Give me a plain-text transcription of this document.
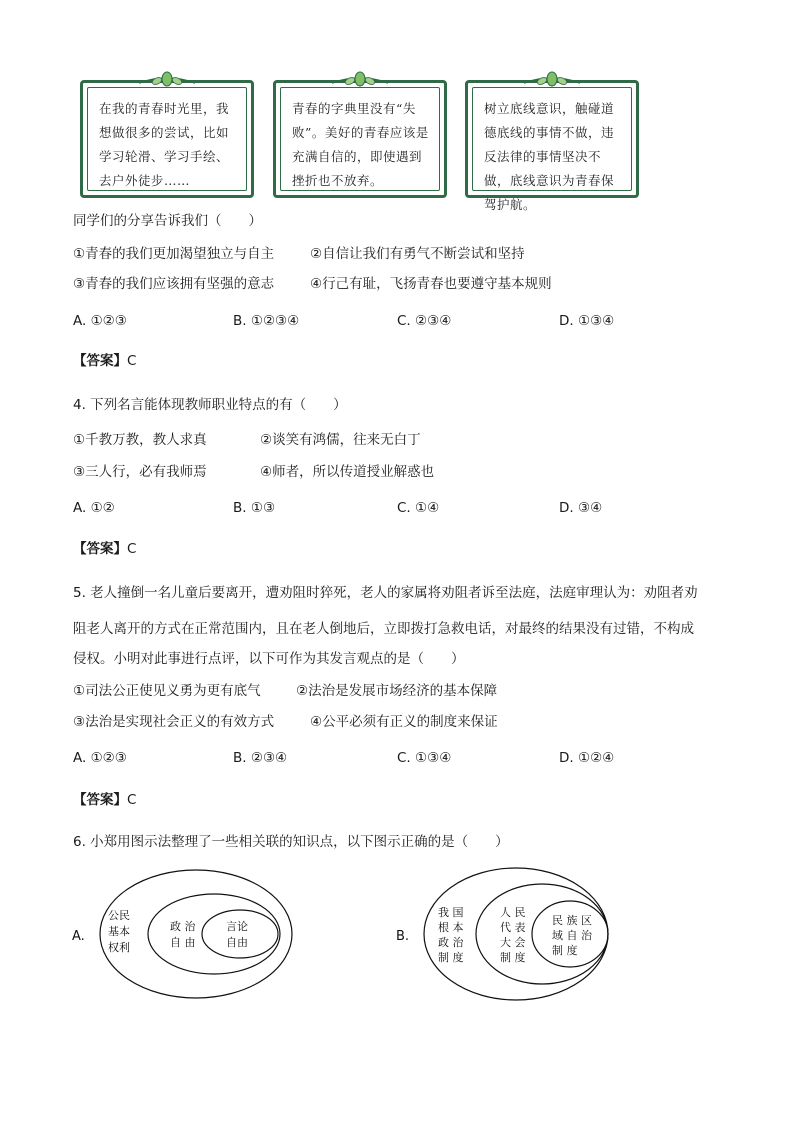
在我的青春时光里，我想做很多的尝试，比如学习轮滑、学习手绘、去户外徒步……
青春的字典里没有“失败”。美好的青春应该是充满自信的，即使遇到挫折也不放弃。
树立底线意识，触碰道德底线的事情不做，违反法律的事情坚决不做，底线意识为青春保驾护航。
同学们的分享告诉我们（　　）
①青春的我们更加渴望独立与自主	②自信让我们有勇气不断尝试和坚持
③青春的我们应该拥有坚强的意志	④行己有耻，飞扬青春也要遵守基本规则
A. ①②③	B. ①②③④	C. ②③④	D. ①③④
【答案】C
4. 下列名言能体现教师职业特点的有（　　）
①千教万教，教人求真	②谈笑有鸿儒，往来无白丁
③三人行，必有我师焉	④师者，所以传道授业解惑也
A. ①②	B. ①③	C. ①④	D. ③④
【答案】C
5. 老人撞倒一名儿童后要离开，遭劝阻时猝死，老人的家属将劝阻者诉至法庭，法庭审理认为：劝阻者劝
阻老人离开的方式在正常范围内，且在老人倒地后，立即拨打急救电话，对最终的结果没有过错，不构成
侵权。小明对此事进行点评，以下可作为其发言观点的是（　　）
①司法公正使见义勇为更有底气	②法治是发展市场经济的基本保障
③法治是实现社会正义的有效方式	④公平必须有正义的制度来保证
A. ①②③	B. ②③④	C. ①③④	D. ①②④
【答案】C
6. 小郑用图示法整理了一些相关联的知识点，以下图示正确的是（　　）
A.
公民
基本
权利
政 治
自 由
言论
自由	B.
我 国
根 本
政 治
制 度
人 民
代 表
大 会
制 度
民 族 区
域 自 治
制 度
